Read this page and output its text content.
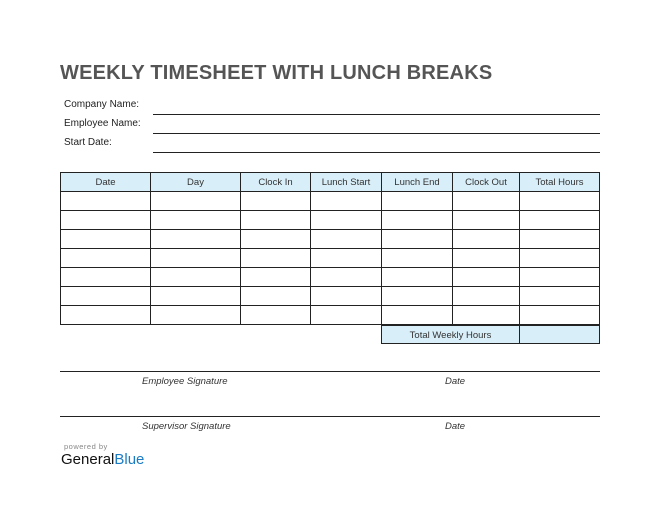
WEEKLY TIMESHEET WITH LUNCH BREAKS
Company Name:
Employee Name:
Start Date:
Date	Day	Clock In	Lunch Start	Lunch End	Clock Out	Total Hours

Total Weekly Hours
Employee Signature	Date
Supervisor Signature	Date
powered by
GeneralBlue
